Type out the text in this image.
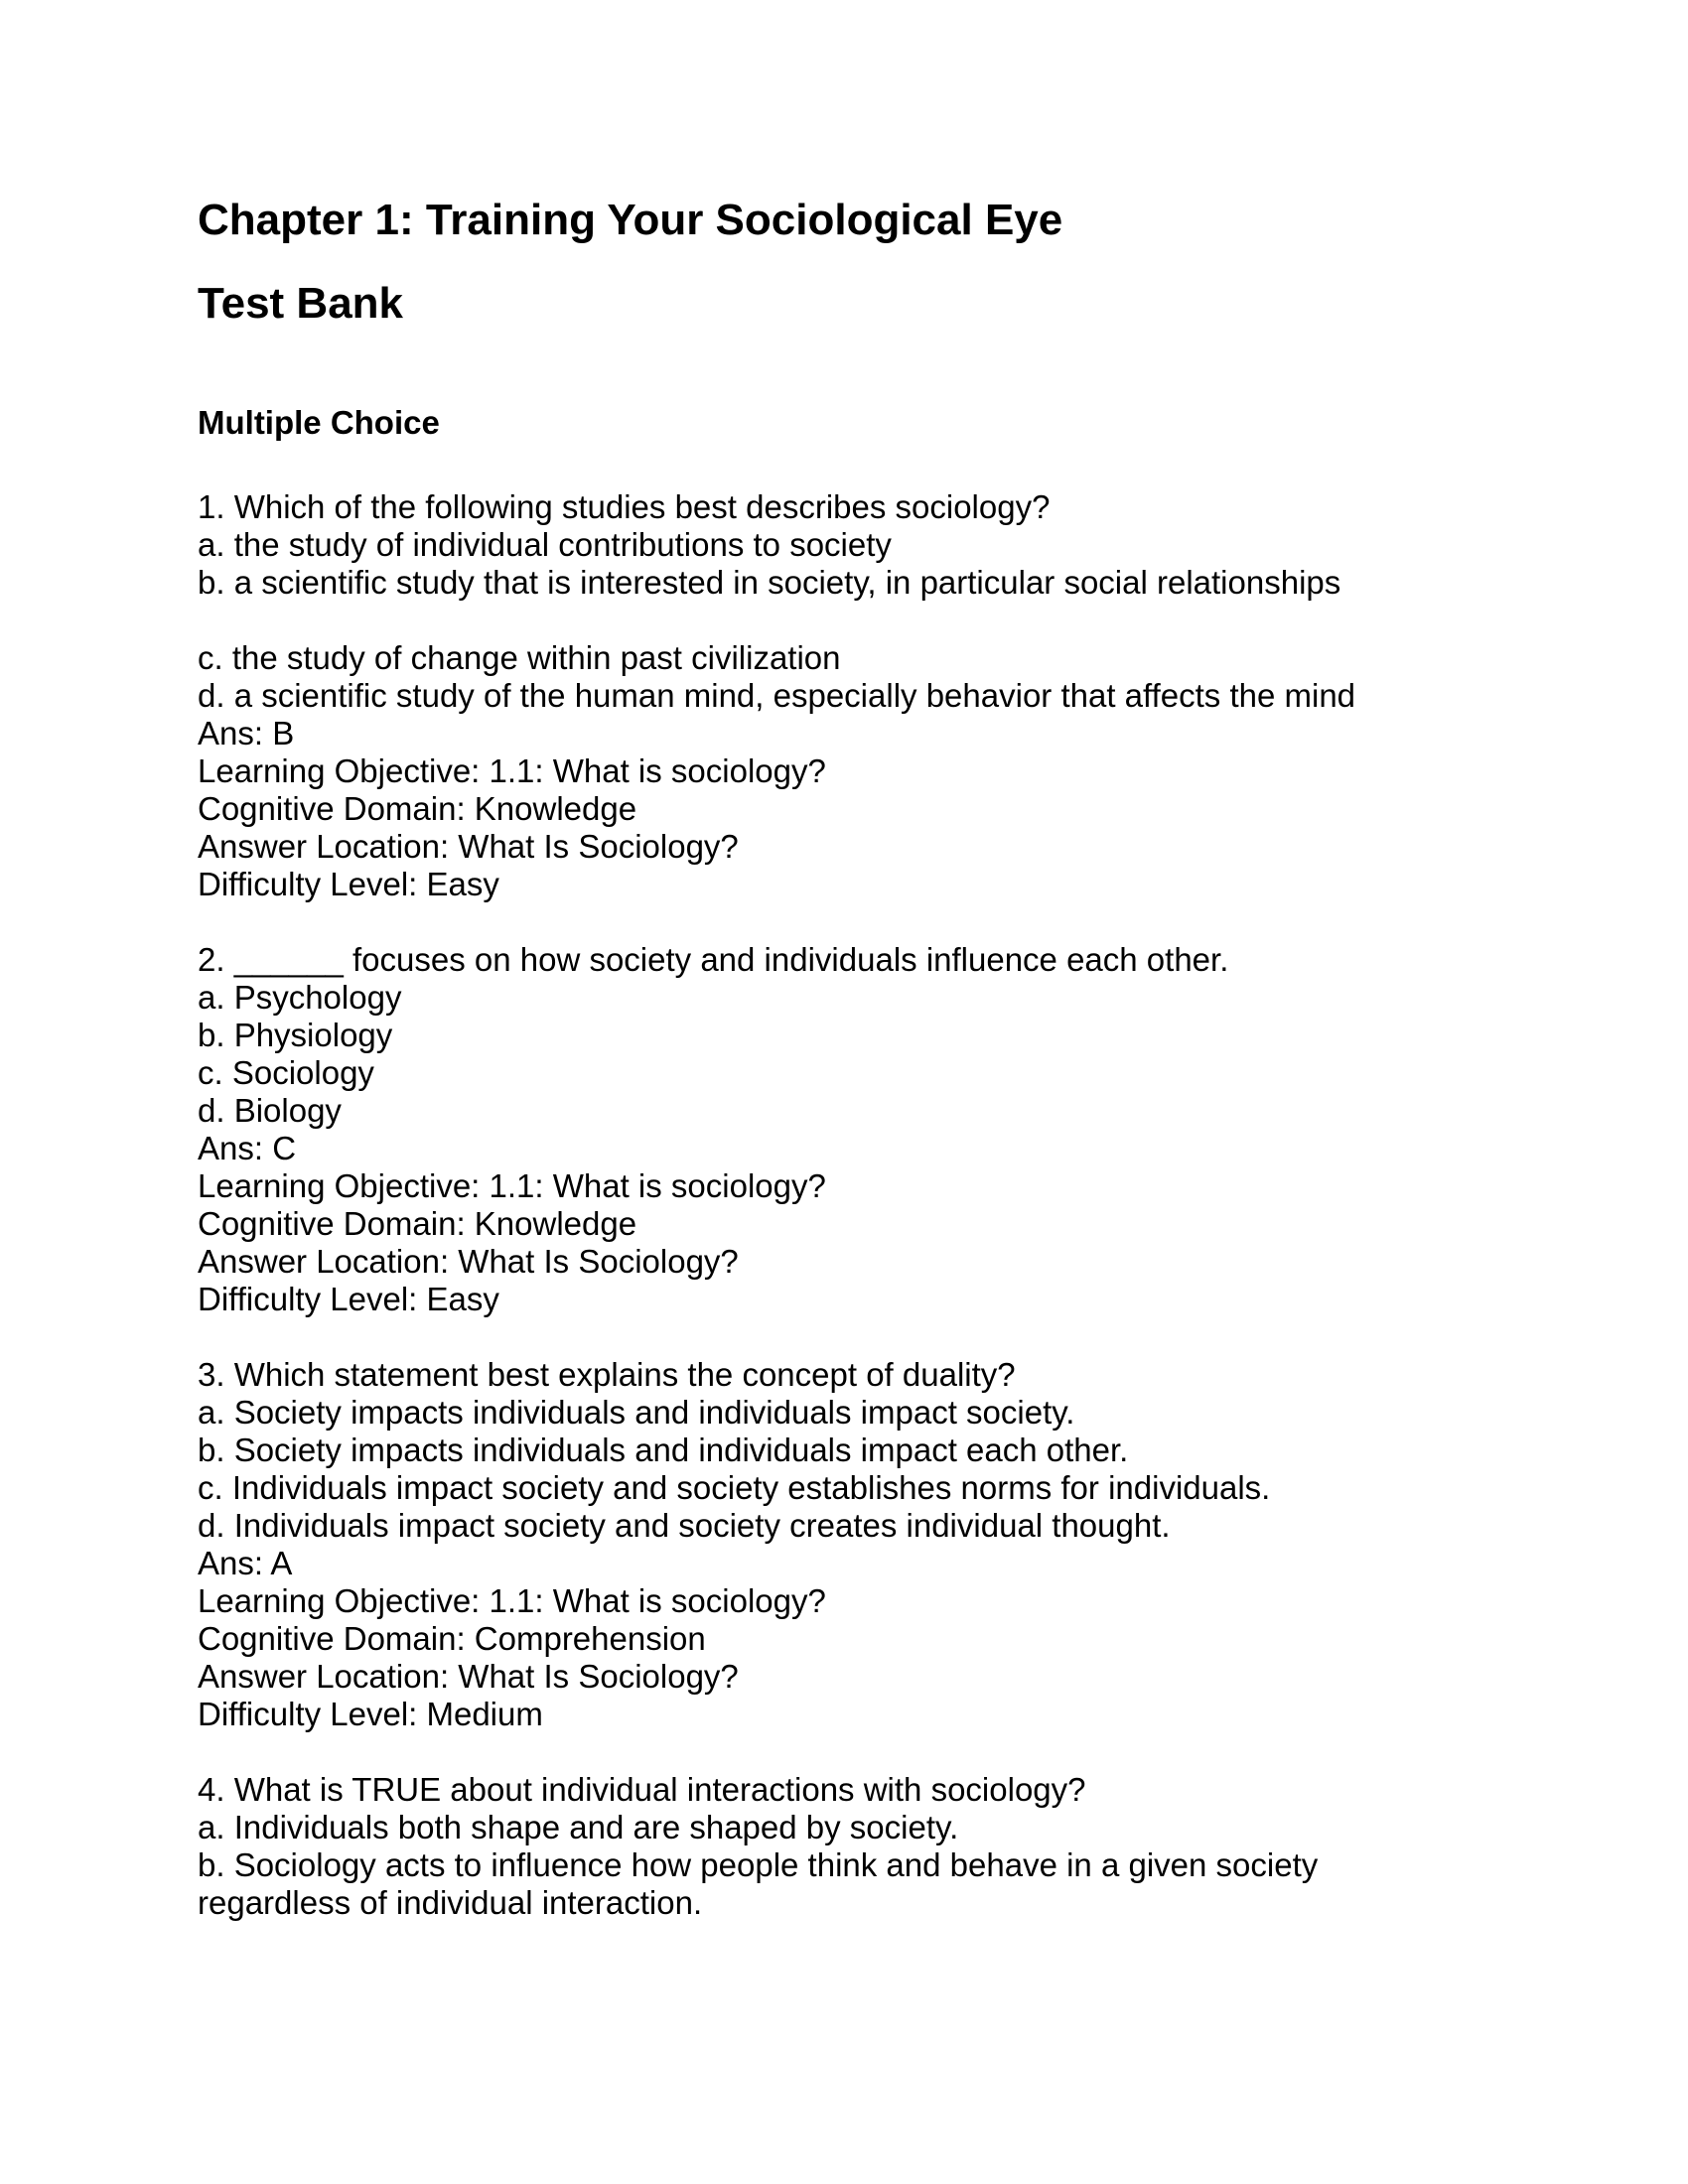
Chapter 1: Training Your Sociological Eye
Test Bank
Multiple Choice
1. Which of the following studies best describes sociology?
a. the study of individual contributions to society
b. a scientific study that is interested in society, in particular social relationships
c. the study of change within past civilization
d. a scientific study of the human mind, especially behavior that affects the mind
Ans: B
Learning Objective: 1.1: What is sociology?
Cognitive Domain: Knowledge
Answer Location: What Is Sociology?
Difficulty Level: Easy
2. ______ focuses on how society and individuals influence each other.
a. Psychology
b. Physiology
c. Sociology
d. Biology
Ans: C
Learning Objective: 1.1: What is sociology?
Cognitive Domain: Knowledge
Answer Location: What Is Sociology?
Difficulty Level: Easy
3. Which statement best explains the concept of duality?
a. Society impacts individuals and individuals impact society.
b. Society impacts individuals and individuals impact each other.
c. Individuals impact society and society establishes norms for individuals.
d. Individuals impact society and society creates individual thought.
Ans: A
Learning Objective: 1.1: What is sociology?
Cognitive Domain: Comprehension
Answer Location: What Is Sociology?
Difficulty Level: Medium
4. What is TRUE about individual interactions with sociology?
a. Individuals both shape and are shaped by society.
b. Sociology acts to influence how people think and behave in a given society regardless of individual interaction.
